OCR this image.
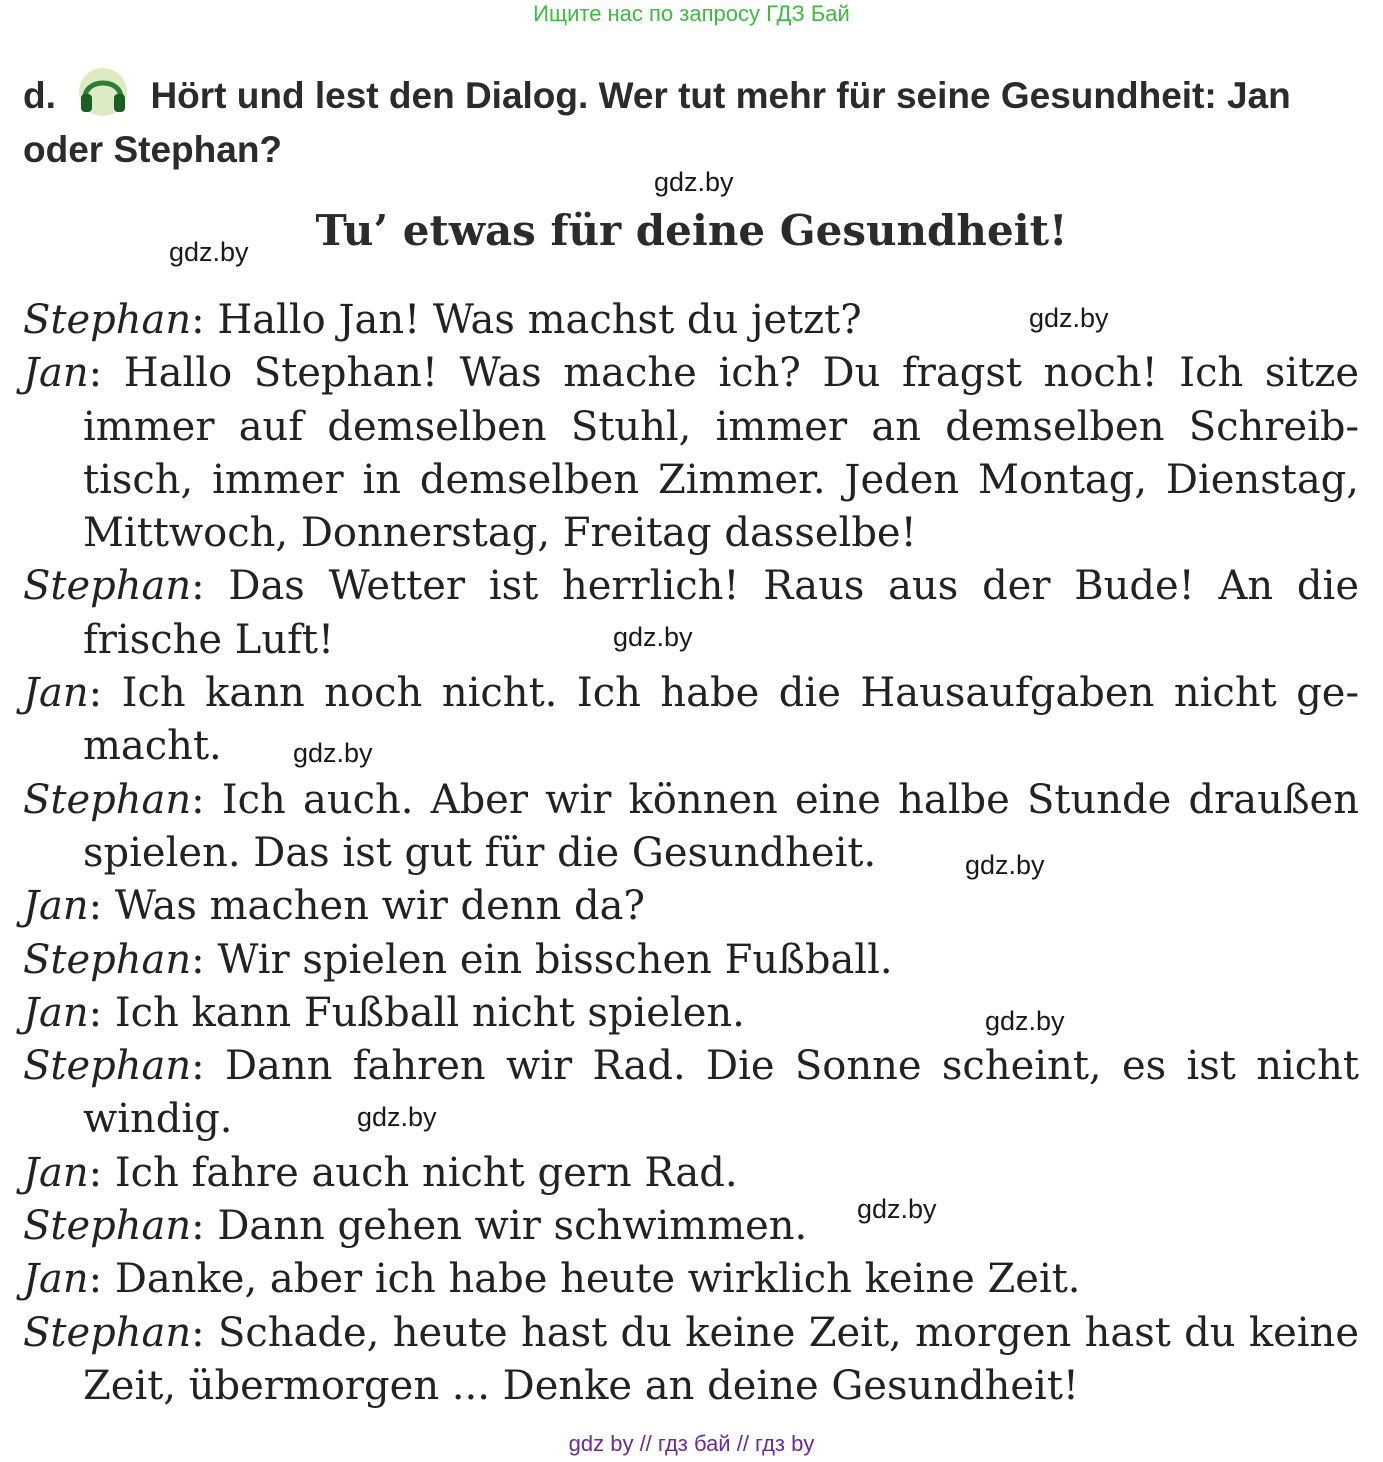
Ищите нас по запросу ГДЗ Бай
d.	Hört und lest den Dialog. Wer tut mehr für seine Gesundheit: Jan oder Stephan?
Tu’ etwas für deine Gesundheit!
Stephan: Hallo Jan! Was machst du jetzt?
Jan: Hallo Stephan! Was mache ich? Du fragst noch! Ich sitze immer auf demselben Stuhl, immer an demselben Schreibtisch, immer in demselben Zimmer. Jeden Montag, Dienstag, Mittwoch, Donnerstag, Freitag dasselbe!
Stephan: Das Wetter ist herrlich! Raus aus der Bude! An die frische Luft!
Jan: Ich kann noch nicht. Ich habe die Hausaufgaben nicht gemacht.
Stephan: Ich auch. Aber wir können eine halbe Stunde draußen spielen. Das ist gut für die Gesundheit.
Jan: Was machen wir denn da?
Stephan: Wir spielen ein bisschen Fußball.
Jan: Ich kann Fußball nicht spielen.
Stephan: Dann fahren wir Rad. Die Sonne scheint, es ist nicht windig.
Jan: Ich fahre auch nicht gern Rad.
Stephan: Dann gehen wir schwimmen.
Jan: Danke, aber ich habe heute wirklich keine Zeit.
Stephan: Schade, heute hast du keine Zeit, morgen hast du keine Zeit, übermorgen ... Denke an deine Gesundheit!
gdz.by
gdz.by
gdz.by
gdz.by
gdz.by
gdz.by
gdz.by
gdz.by
gdz.by
gdz by // гдз бай // гдз by
